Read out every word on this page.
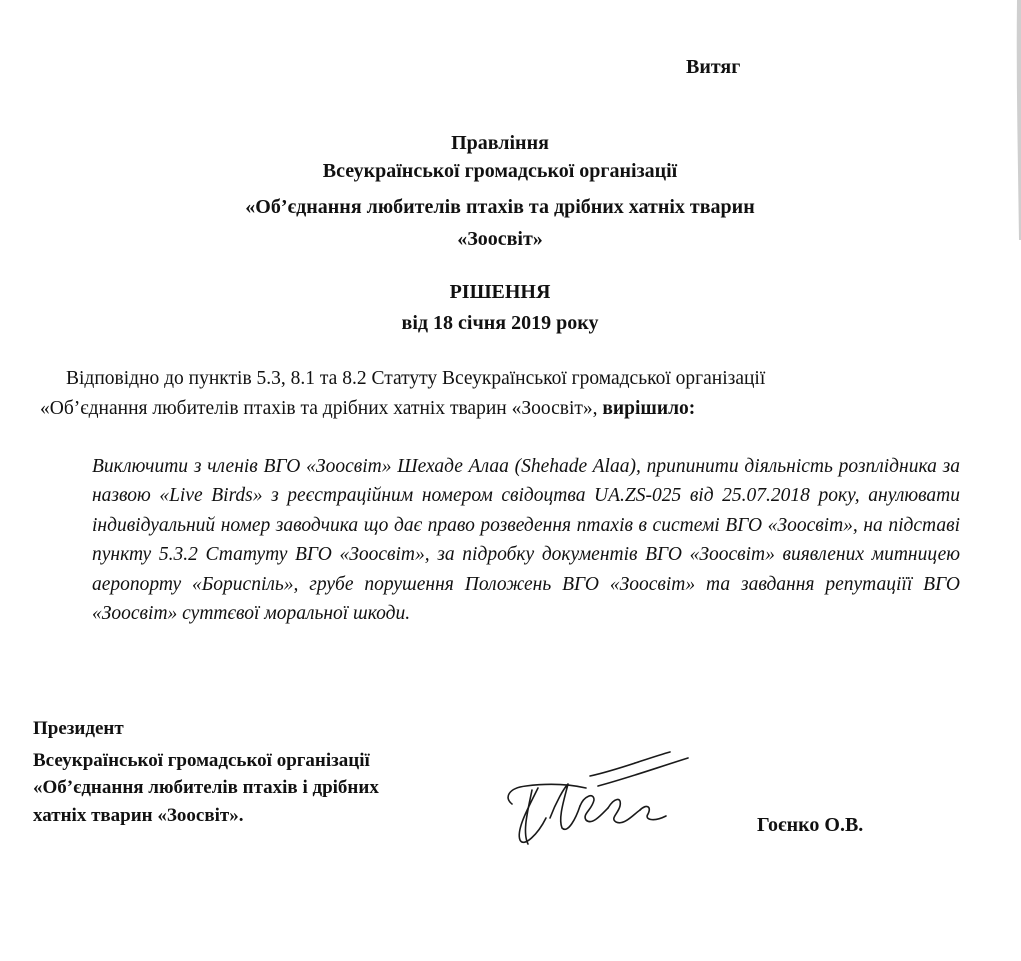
Витяг

Правління

Всеукраїнської громадської організації

«Об’єднання любителів птахів та дрібних хатніх тварин

«Зоосвіт»

РІШЕННЯ

від 18 січня 2019 року

Відповідно до пунктів 5.3, 8.1 та 8.2 Статуту Всеукраїнської громадської організації

«Об’єднання любителів птахів та дрібних хатніх тварин «Зоосвіт», вирішило:

Виключити з членів ВГО «Зоосвіт» Шехаде Алаа (Shehade Alaa), припинити діяльність розплідника за назвою «Live Birds» з реєстраційним номером свідоцтва UA.ZS-025 від 25.07.2018 року, анулювати індивідуальний номер заводчика що дає право розведення птахів в системі ВГО «Зоосвіт», на підставі пункту 5.3.2 Статуту ВГО «Зоосвіт», за підробку документів ВГО «Зоосвіт» виявлених митницею аеропорту «Бориспіль», грубе порушення Положень ВГО «Зоосвіт» та завдання репутаціїї ВГО «Зоосвіт» суттєвої моральної шкоди.

Президент

Всеукраїнської громадської організації

«Об’єднання любителів птахів і дрібних

хатніх тварин «Зоосвіт».	Гоєнко О.В.
